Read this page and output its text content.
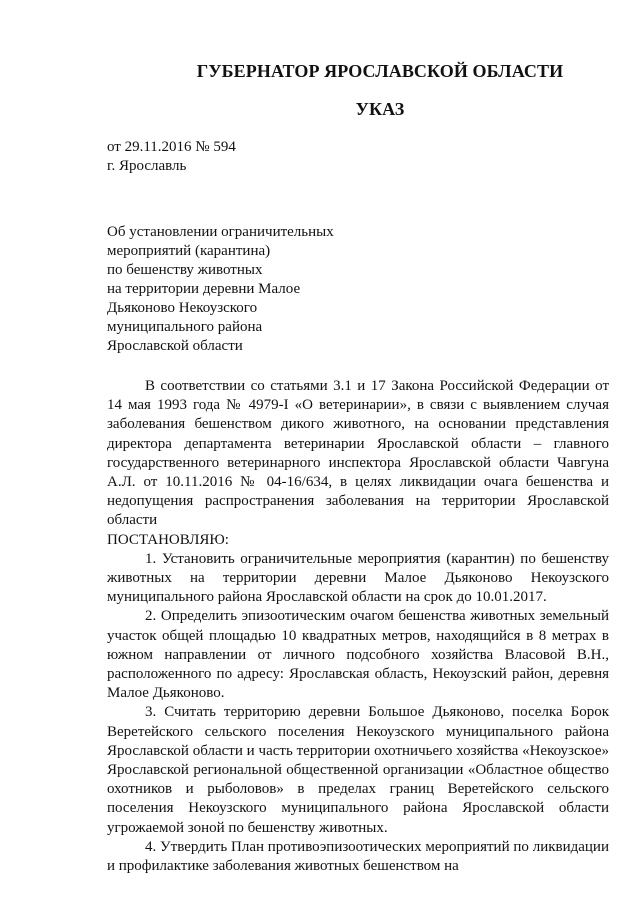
ГУБЕРНАТОР ЯРОСЛАВСКОЙ ОБЛАСТИ
УКАЗ
от 29.11.2016 № 594
г. Ярославль
Об установлении ограничительных
мероприятий (карантина)
по бешенству животных
на территории деревни Малое
Дьяконово Некоузского
муниципального района
Ярославской области

В соответствии со статьями 3.1 и 17 Закона Российской Федерации от 14 мая 1993 года № 4979-I «О ветеринарии», в связи с выявлением случая заболевания бешенством дикого животного, на основании представления директора департамента ветеринарии Ярославской области – главного государственного ветеринарного инспектора Ярославской области Чавгуна А.Л. от 10.11.2016 № 04-16/634, в целях ликвидации очага бешенства и недопущения распространения заболевания на территории Ярославской области

ПОСТАНОВЛЯЮ:

1. Установить ограничительные мероприятия (карантин) по бешенству животных на территории деревни Малое Дьяконово Некоузского муниципального района Ярославской области на срок до 10.01.2017.

2. Определить эпизоотическим очагом бешенства животных земельный участок общей площадью 10 квадратных метров, находящийся в 8 метрах в южном направлении от личного подсобного хозяйства Власовой В.Н., расположенного по адресу: Ярославская область, Некоузский район, деревня Малое Дьяконово.

3. Считать территорию деревни Большое Дьяконово, поселка Борок Веретейского сельского поселения Некоузского муниципального района Ярославской области и часть территории охотничьего хозяйства «Некоузское» Ярославской региональной общественной организации «Областное общество охотников и рыболовов» в пределах границ Веретейского сельского поселения Некоузского муниципального района Ярославской области угрожаемой зоной по бешенству животных.

4. Утвердить План противоэпизоотических мероприятий по ликвидации и профилактике заболевания животных бешенством на
